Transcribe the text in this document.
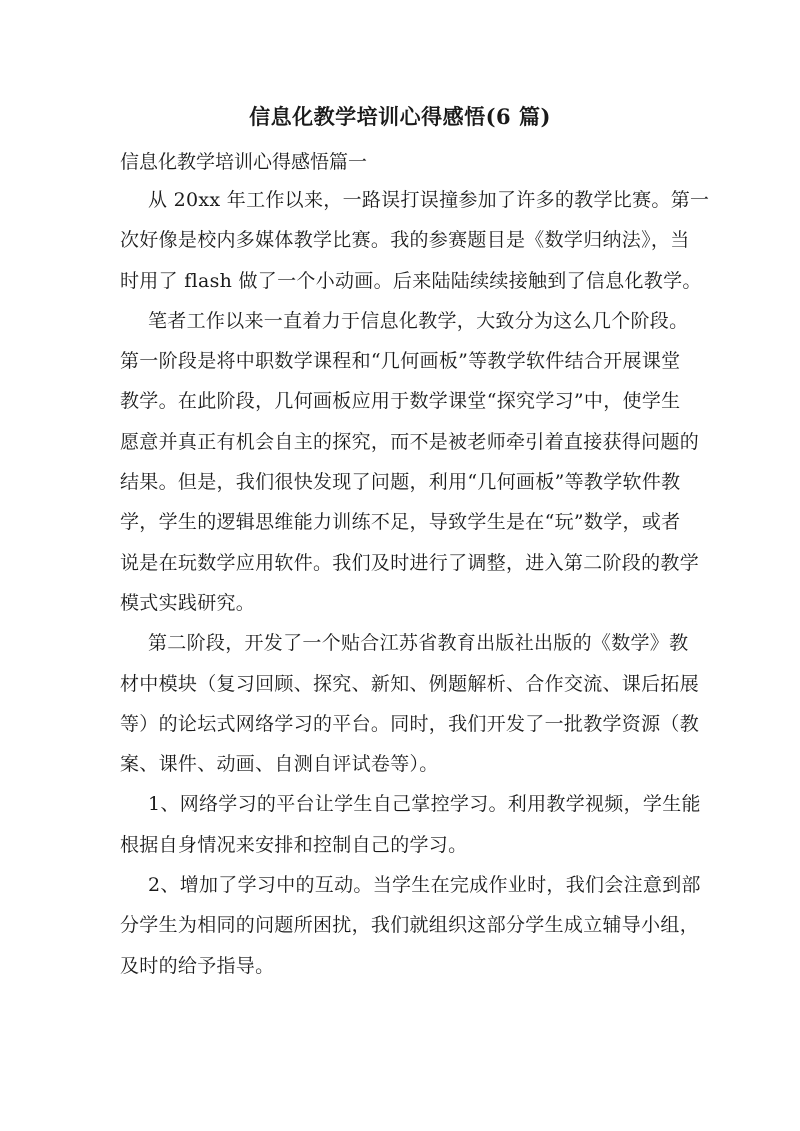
信息化教学培训心得感悟(6 篇)
信息化教学培训心得感悟篇一
从 20xx 年工作以来，一路误打误撞参加了许多的教学比赛。第一
次好像是校内多媒体教学比赛。我的参赛题目是《数学归纳法》，当
时用了 flash 做了一个小动画。后来陆陆续续接触到了信息化教学。
笔者工作以来一直着力于信息化教学，大致分为这么几个阶段。
第一阶段是将中职数学课程和“几何画板”等教学软件结合开展课堂
教学。在此阶段，几何画板应用于数学课堂“探究学习”中，使学生
愿意并真正有机会自主的探究，而不是被老师牵引着直接获得问题的
结果。但是，我们很快发现了问题，利用“几何画板”等教学软件教
学，学生的逻辑思维能力训练不足，导致学生是在“玩”数学，或者
说是在玩数学应用软件。我们及时进行了调整，进入第二阶段的教学
模式实践研究。
第二阶段，开发了一个贴合江苏省教育出版社出版的《数学》教
材中模块（复习回顾、探究、新知、例题解析、合作交流、课后拓展
等）的论坛式网络学习的平台。同时，我们开发了一批教学资源（教
案、课件、动画、自测自评试卷等）。
1、网络学习的平台让学生自己掌控学习。利用教学视频，学生能
根据自身情况来安排和控制自己的学习。
2、增加了学习中的互动。当学生在完成作业时，我们会注意到部
分学生为相同的问题所困扰，我们就组织这部分学生成立辅导小组，
及时的给予指导。
